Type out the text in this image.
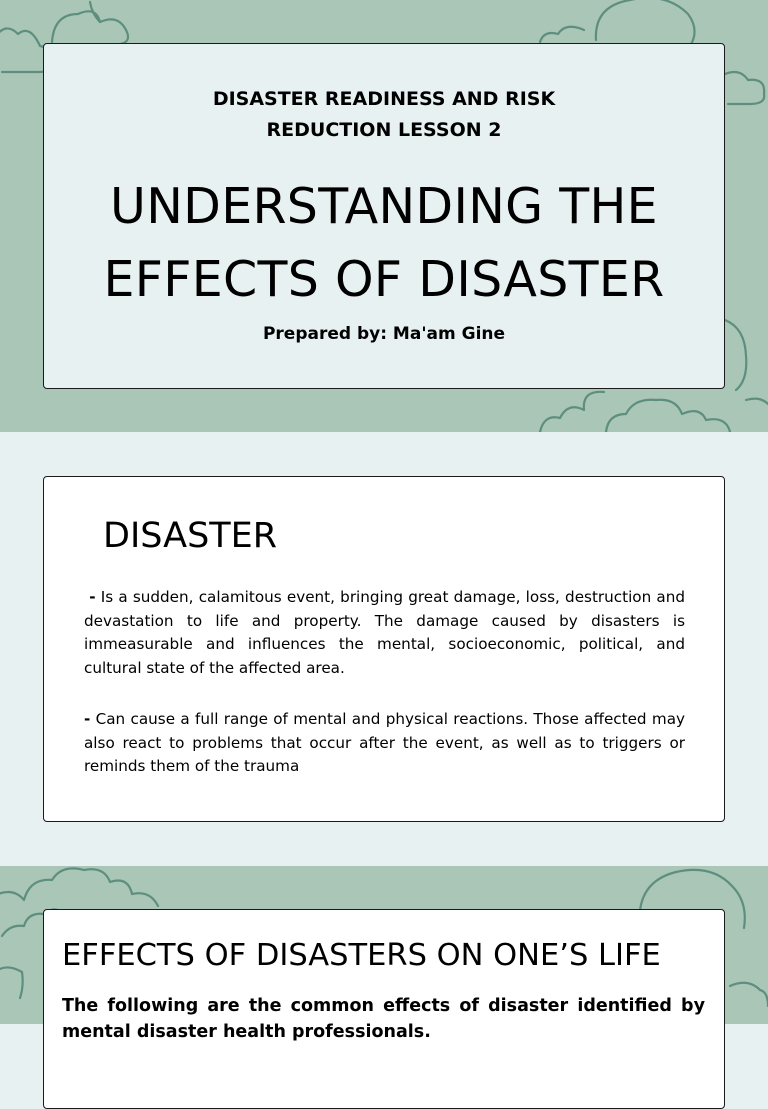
DISASTER READINESS AND RISK
REDUCTION LESSON 2
UNDERSTANDING THE
EFFECTS OF DISASTER
Prepared by: Ma'am Gine
DISASTER

- Is a sudden, calamitous event, bringing great damage, loss, destruction and devastation to life and property. The damage caused by disasters is immeasurable and influences the mental, socioeconomic, political, and cultural state of the affected area.

- Can cause a full range of mental and physical reactions. Those affected may also react to problems that occur after the event, as well as to triggers or reminds them of the trauma

EFFECTS OF DISASTERS ON ONE’S LIFE

The following are the common effects of disaster identified by mental disaster health professionals.
